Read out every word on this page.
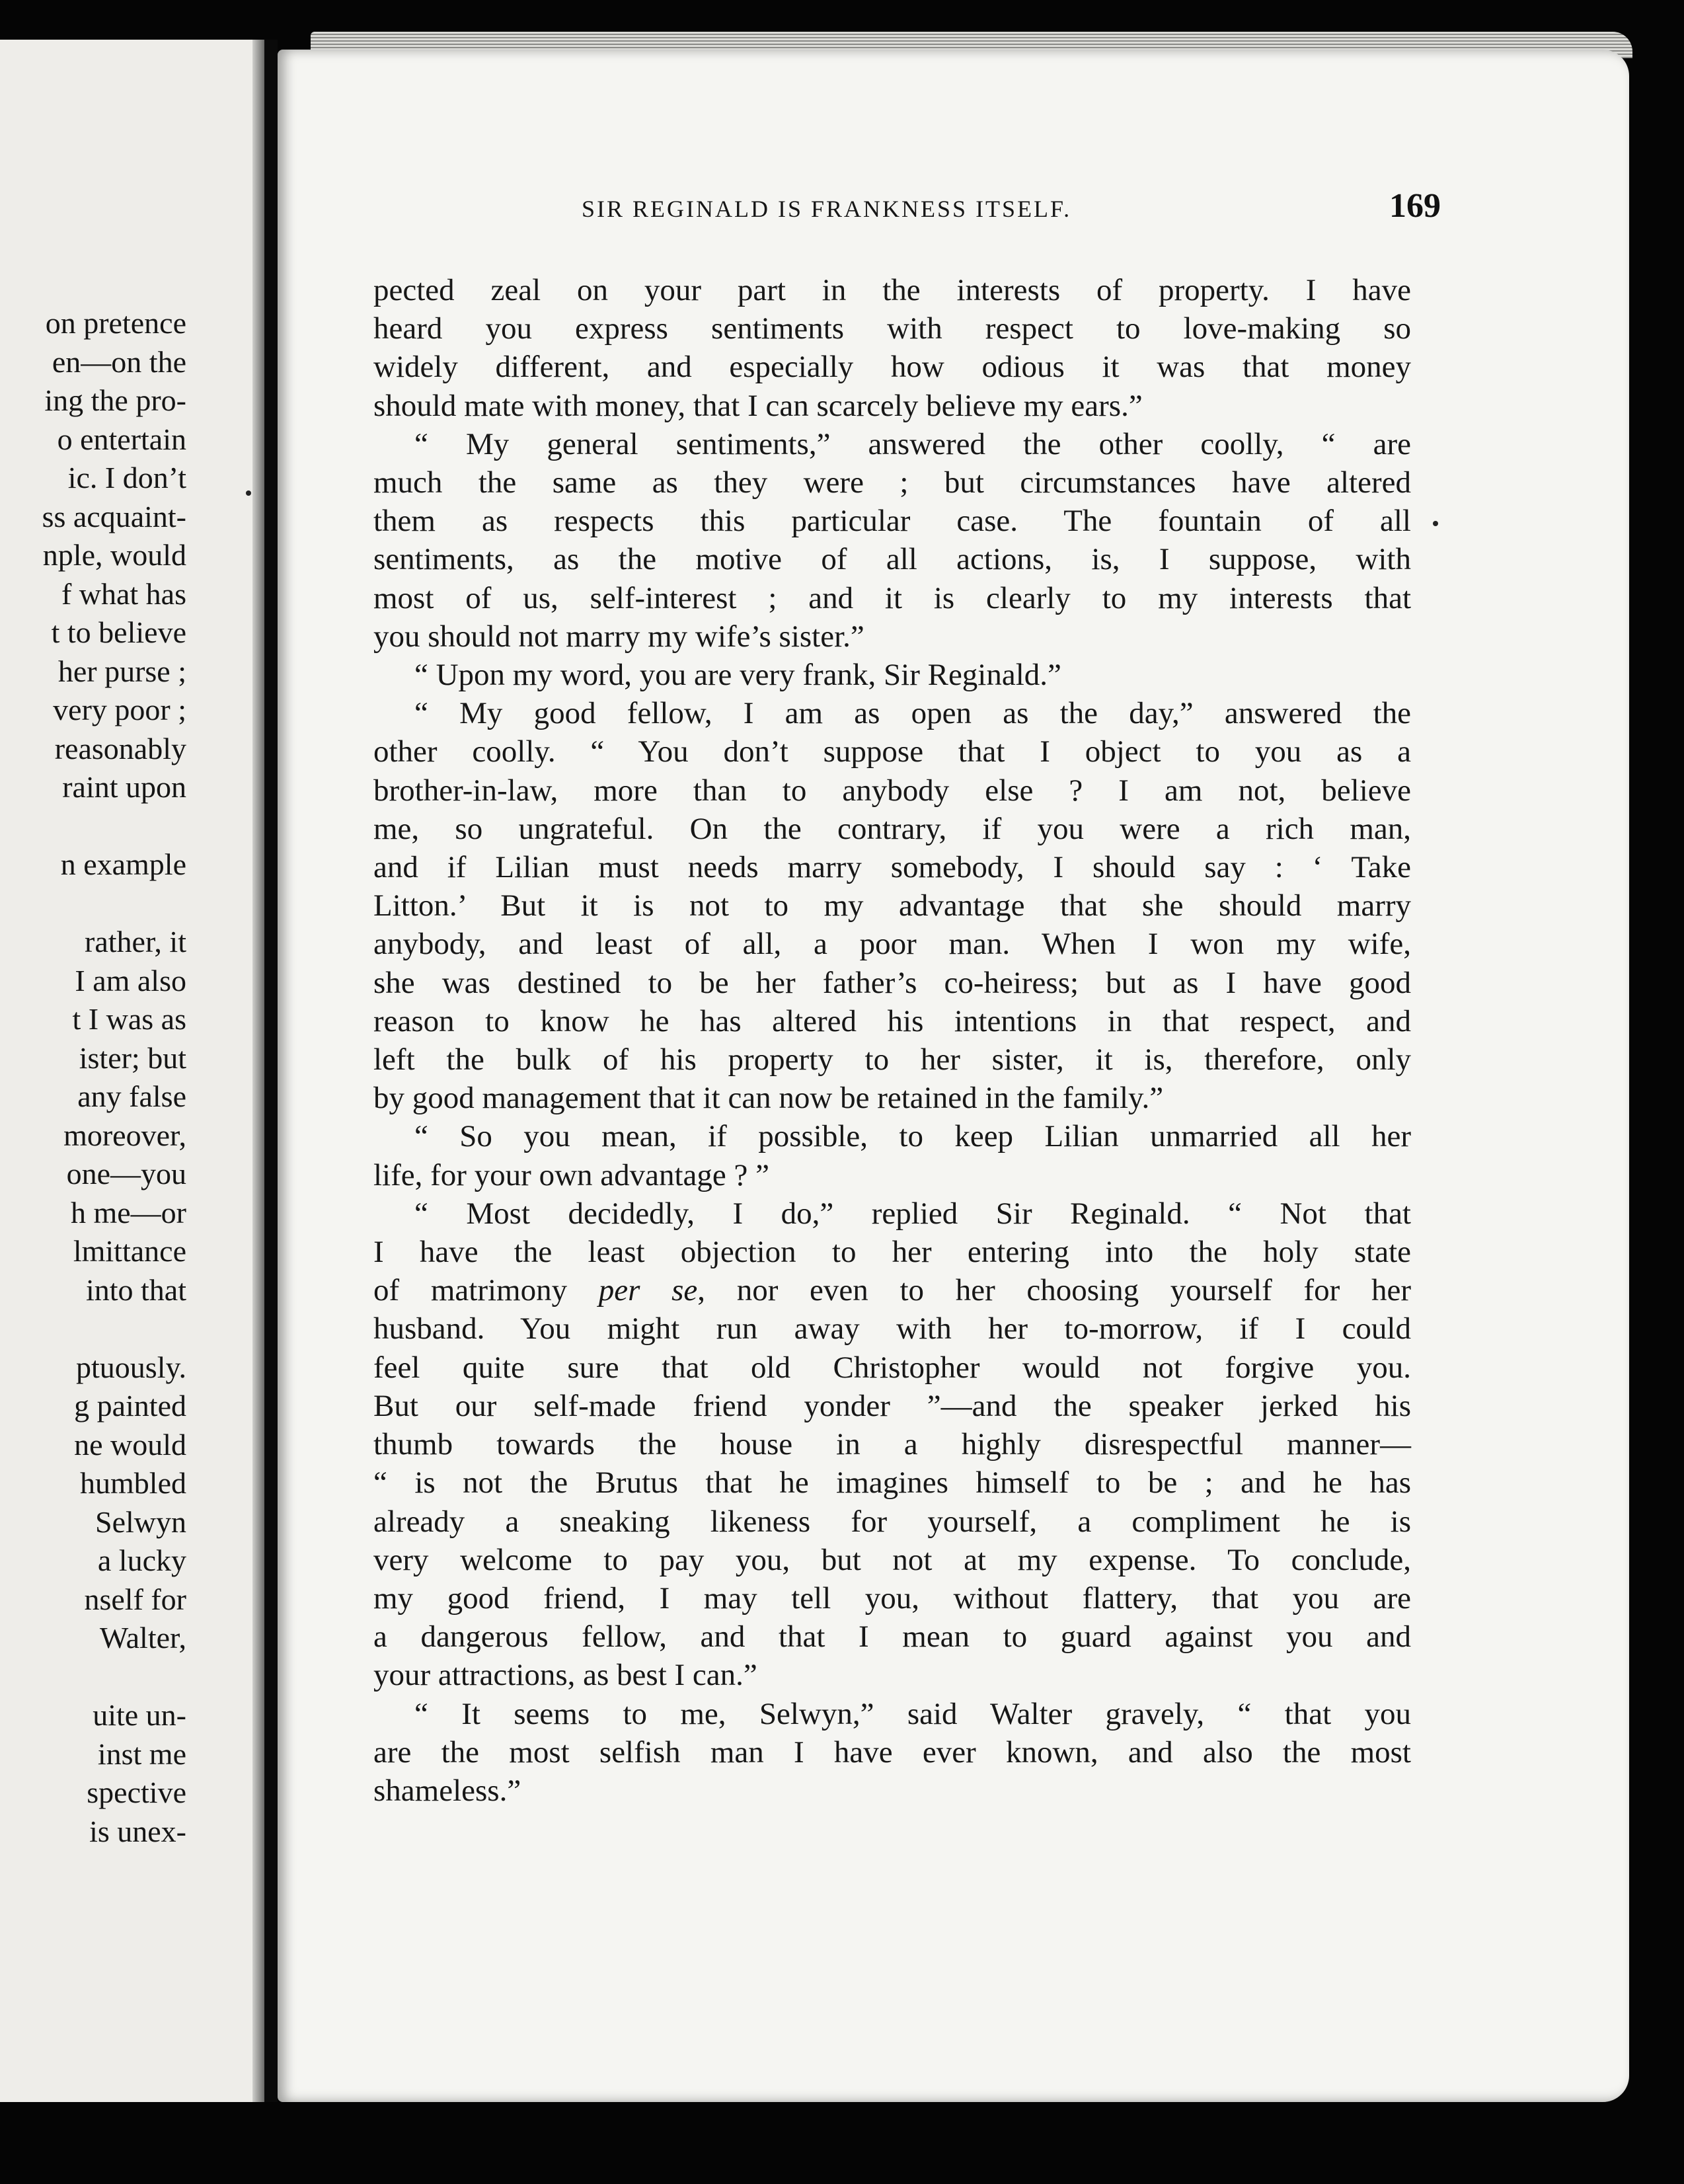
on pretence
en—on the
ing the pro-
o entertain
ic. I don’t
ss acquaint-
nple, would
f what has
t to believe
her purse ;
very poor ;
reasonably
raint upon
n example
rather, it
I am also
t I was as
ister; but
any false
moreover,
one—you
h me—or
lmittance
into that
ptuously.
g painted
ne would
humbled
Selwyn
a lucky
nself for
Walter,
uite un-
inst me
spective
is unex-
SIR REGINALD IS FRANKNESS ITSELF.	169
pected zeal on your part in the interests of property. I have
heard you express sentiments with respect to love-making so
widely different, and especially how odious it was that money
should mate with money, that I can scarcely believe my ears.”
“ My general sentiments,” answered the other coolly, “ are
much the same as they were ; but circumstances have altered
them as respects this particular case. The fountain of all
sentiments, as the motive of all actions, is, I suppose, with
most of us, self-interest ; and it is clearly to my interests that
you should not marry my wife’s sister.”
“ Upon my word, you are very frank, Sir Reginald.”
“ My good fellow, I am as open as the day,” answered the
other coolly. “ You don’t suppose that I object to you as a
brother-in-law, more than to anybody else ? I am not, believe
me, so ungrateful. On the contrary, if you were a rich man,
and if Lilian must needs marry somebody, I should say : ‘ Take
Litton.’ But it is not to my advantage that she should marry
anybody, and least of all, a poor man. When I won my wife,
she was destined to be her father’s co-heiress; but as I have good
reason to know he has altered his intentions in that respect, and
left the bulk of his property to her sister, it is, therefore, only
by good management that it can now be retained in the family.”
“ So you mean, if possible, to keep Lilian unmarried all her
life, for your own advantage ? ”
“ Most decidedly, I do,” replied Sir Reginald. “ Not that
I have the least objection to her entering into the holy state
of matrimony per se, nor even to her choosing yourself for her
husband. You might run away with her to-morrow, if I could
feel quite sure that old Christopher would not forgive you.
But our self-made friend yonder ”—and the speaker jerked his
thumb towards the house in a highly disrespectful manner—
“ is not the Brutus that he imagines himself to be ; and he has
already a sneaking likeness for yourself, a compliment he is
very welcome to pay you, but not at my expense. To conclude,
my good friend, I may tell you, without flattery, that you are
a dangerous fellow, and that I mean to guard against you and
your attractions, as best I can.”
“ It seems to me, Selwyn,” said Walter gravely, “ that you
are the most selfish man I have ever known, and also the most
shameless.”
